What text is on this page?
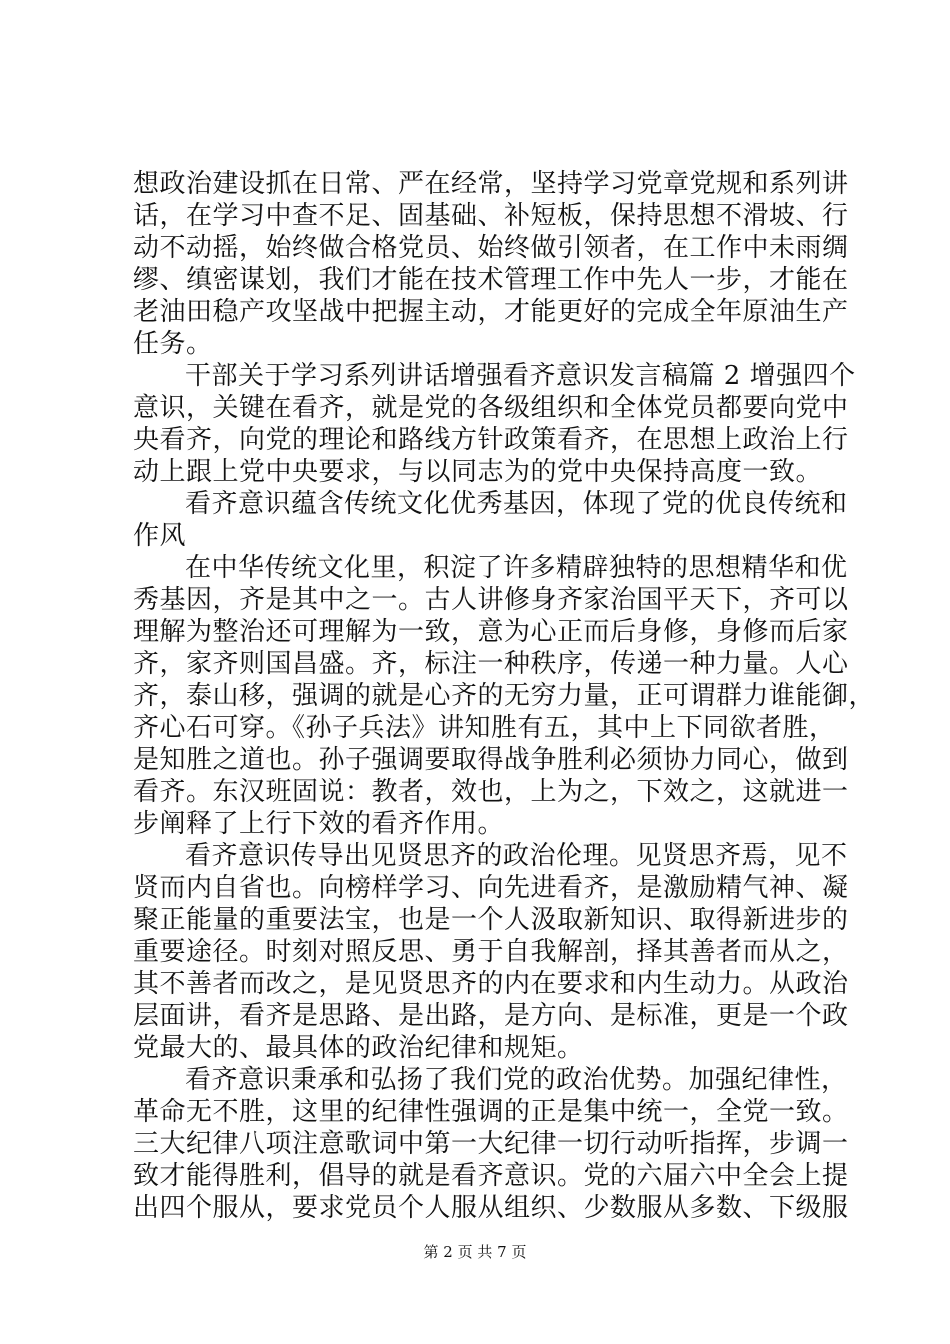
想政治建设抓在日常、严在经常，坚持学习党章党规和系列讲
话，在学习中查不足、固基础、补短板，保持思想不滑坡、行
动不动摇，始终做合格党员、始终做引领者，在工作中未雨绸
缪、缜密谋划，我们才能在技术管理工作中先人一步，才能在
老油田稳产攻坚战中把握主动，才能更好的完成全年原油生产
任务。
干部关于学习系列讲话增强看齐意识发言稿篇 2 增强四个
意识，关键在看齐，就是党的各级组织和全体党员都要向党中
央看齐，向党的理论和路线方针政策看齐，在思想上政治上行
动上跟上党中央要求，与以同志为的党中央保持高度一致。
看齐意识蕴含传统文化优秀基因，体现了党的优良传统和
作风
在中华传统文化里，积淀了许多精辟独特的思想精华和优
秀基因，齐是其中之一。古人讲修身齐家治国平天下，齐可以
理解为整治还可理解为一致，意为心正而后身修，身修而后家
齐，家齐则国昌盛。齐，标注一种秩序，传递一种力量。人心
齐，泰山移，强调的就是心齐的无穷力量，正可谓群力谁能御，
齐心石可穿。《孙子兵法》讲知胜有五，其中上下同欲者胜，
是知胜之道也。孙子强调要取得战争胜利必须协力同心，做到
看齐。东汉班固说：教者，效也，上为之，下效之，这就进一
步阐释了上行下效的看齐作用。
看齐意识传导出见贤思齐的政治伦理。见贤思齐焉，见不
贤而内自省也。向榜样学习、向先进看齐，是激励精气神、凝
聚正能量的重要法宝，也是一个人汲取新知识、取得新进步的
重要途径。时刻对照反思、勇于自我解剖，择其善者而从之，
其不善者而改之，是见贤思齐的内在要求和内生动力。从政治
层面讲，看齐是思路、是出路，是方向、是标准，更是一个政
党最大的、最具体的政治纪律和规矩。
看齐意识秉承和弘扬了我们党的政治优势。加强纪律性，
革命无不胜，这里的纪律性强调的正是集中统一，全党一致。
三大纪律八项注意歌词中第一大纪律一切行动听指挥，步调一
致才能得胜利，倡导的就是看齐意识。党的六届六中全会上提
出四个服从，要求党员个人服从组织、少数服从多数、下级服
第 2 页 共 7 页
